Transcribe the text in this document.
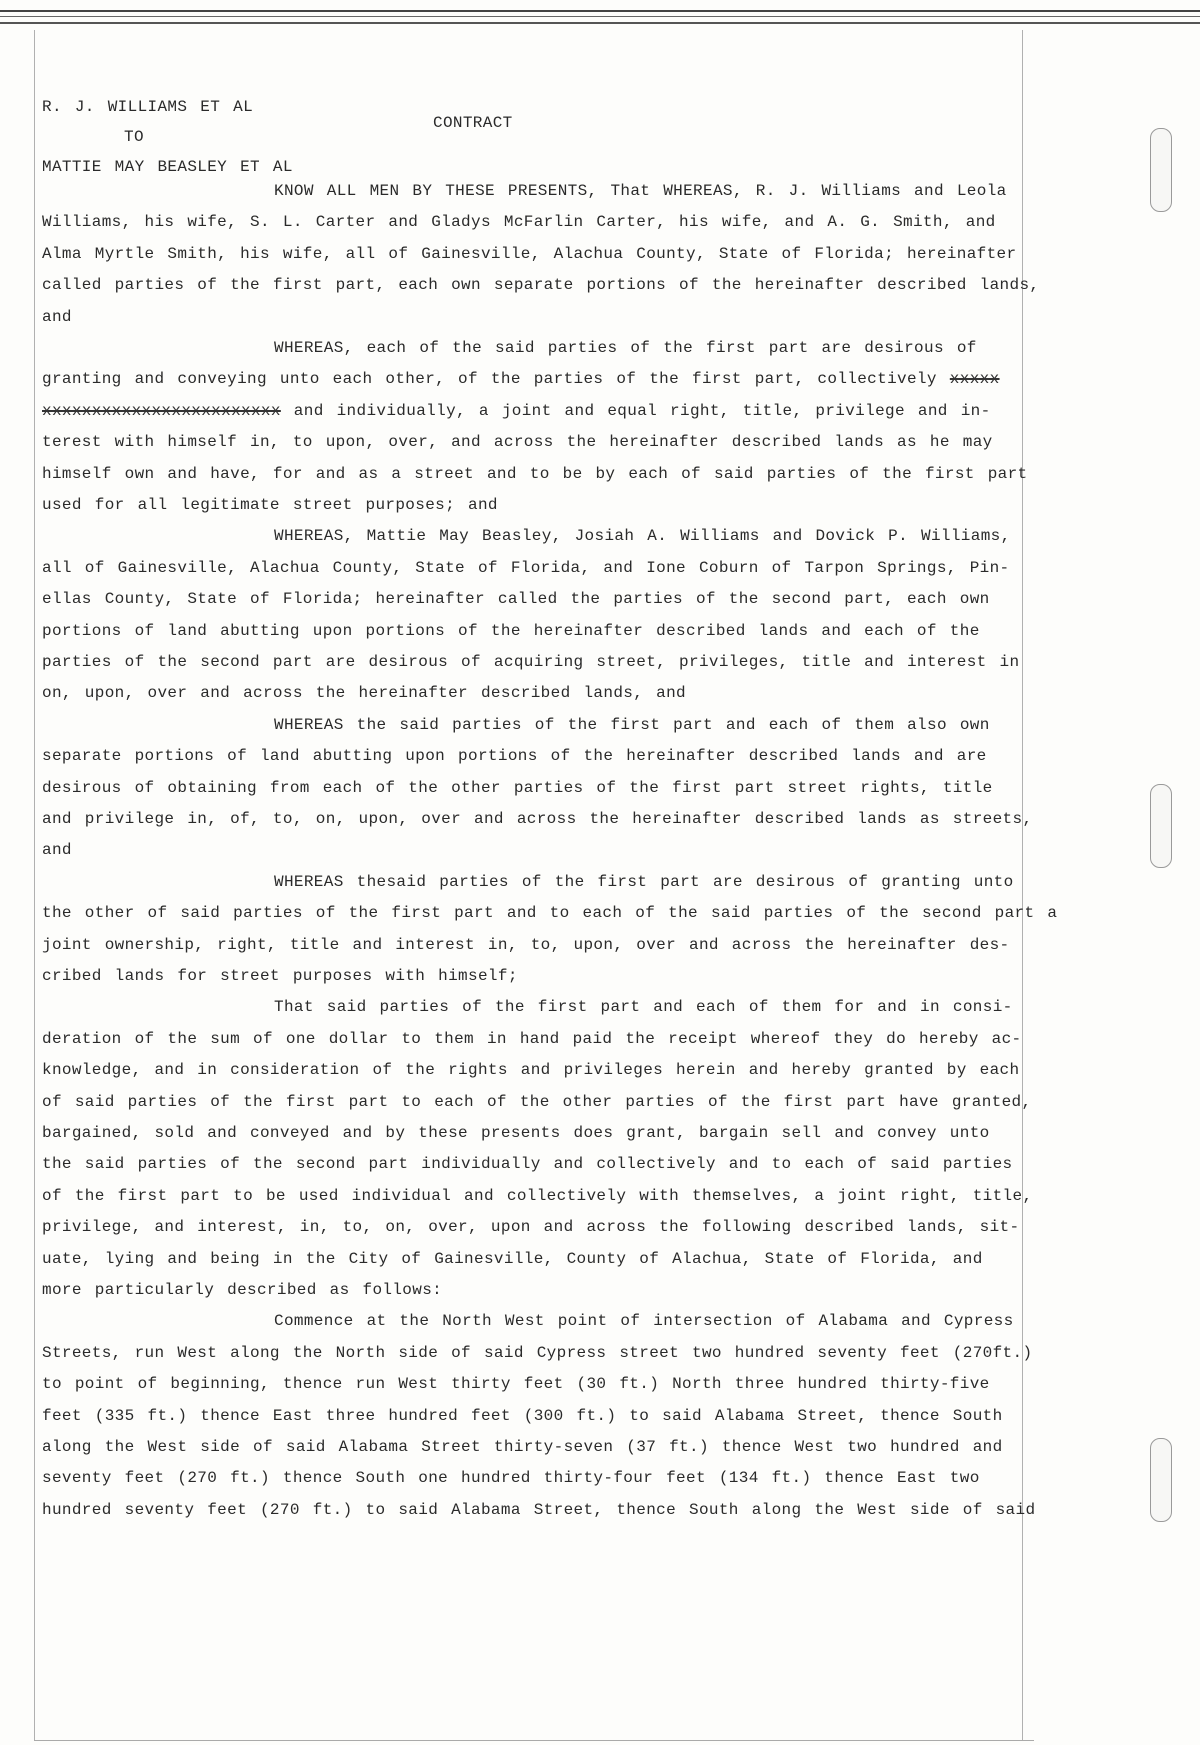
R. J. WILLIAMS ET AL
CONTRACT
TO
MATTIE MAY BEASLEY ET AL
KNOW ALL MEN BY THESE PRESENTS, That WHEREAS, R. J. Williams and Leola
Williams, his wife, S. L. Carter and Gladys McFarlin Carter, his wife, and A. G. Smith, and
Alma Myrtle Smith, his wife, all of Gainesville, Alachua County, State of Florida; hereinafter
called parties of the first part, each own separate portions of the hereinafter described lands,
and
WHEREAS, each of the said parties of the first part are desirous of
granting and conveying unto each other, of the parties of the first part, collectively xxxxx
xxxxxxxxxxxxxxxxxxxxxxxx and individually, a joint and equal right, title, privilege and in-
terest with himself in, to upon, over, and across the hereinafter described lands as he may
himself own and have, for and as a street and to be by each of said parties of the first part
used for all legitimate street purposes; and
WHEREAS, Mattie May Beasley, Josiah A. Williams and Dovick P. Williams,
all of Gainesville, Alachua County, State of Florida, and Ione Coburn of Tarpon Springs, Pin-
ellas County, State of Florida; hereinafter called the parties of the second part, each own
portions of land abutting upon portions of the hereinafter described lands and each of the
parties of the second part are desirous of acquiring street, privileges, title and interest in
on, upon, over and across the hereinafter described lands, and
WHEREAS the said parties of the first part and each of them also own
separate portions of land abutting upon portions of the hereinafter described lands and are
desirous of obtaining from each of the other parties of the first part street rights, title
and privilege in, of, to, on, upon, over and across the hereinafter described lands as streets,
and
WHEREAS thesaid parties of the first part are desirous of granting unto
the other of said parties of the first part and to each of the said parties of the second part a
joint ownership, right, title and interest in, to, upon, over and across the hereinafter des-
cribed lands for street purposes with himself;
That said parties of the first part and each of them for and in consi-
deration of the sum of one dollar to them in hand paid the receipt whereof they do hereby ac-
knowledge, and in consideration of the rights and privileges herein and hereby granted by each
of said parties of the first part to each of the other parties of the first part have granted,
bargained, sold and conveyed and by these presents does grant, bargain sell and convey unto
the said parties of the second part individually and collectively and to each of said parties
of the first part to be used individual and collectively with themselves, a joint right, title,
privilege, and interest, in, to, on, over, upon and across the following described lands, sit-
uate, lying and being in the City of Gainesville, County of Alachua, State of Florida, and
more particularly described as follows:
Commence at the North West point of intersection of Alabama and Cypress
Streets, run West along the North side of said Cypress street two hundred seventy feet (270ft.)
to point of beginning, thence run West thirty feet (30 ft.) North three hundred thirty-five
feet (335 ft.) thence East three hundred feet (300 ft.) to said Alabama Street, thence South
along the West side of said Alabama Street thirty-seven (37 ft.) thence West two hundred and
seventy feet (270 ft.) thence South one hundred thirty-four feet (134 ft.) thence East two
hundred seventy feet (270 ft.) to said Alabama Street, thence South along the West side of said
